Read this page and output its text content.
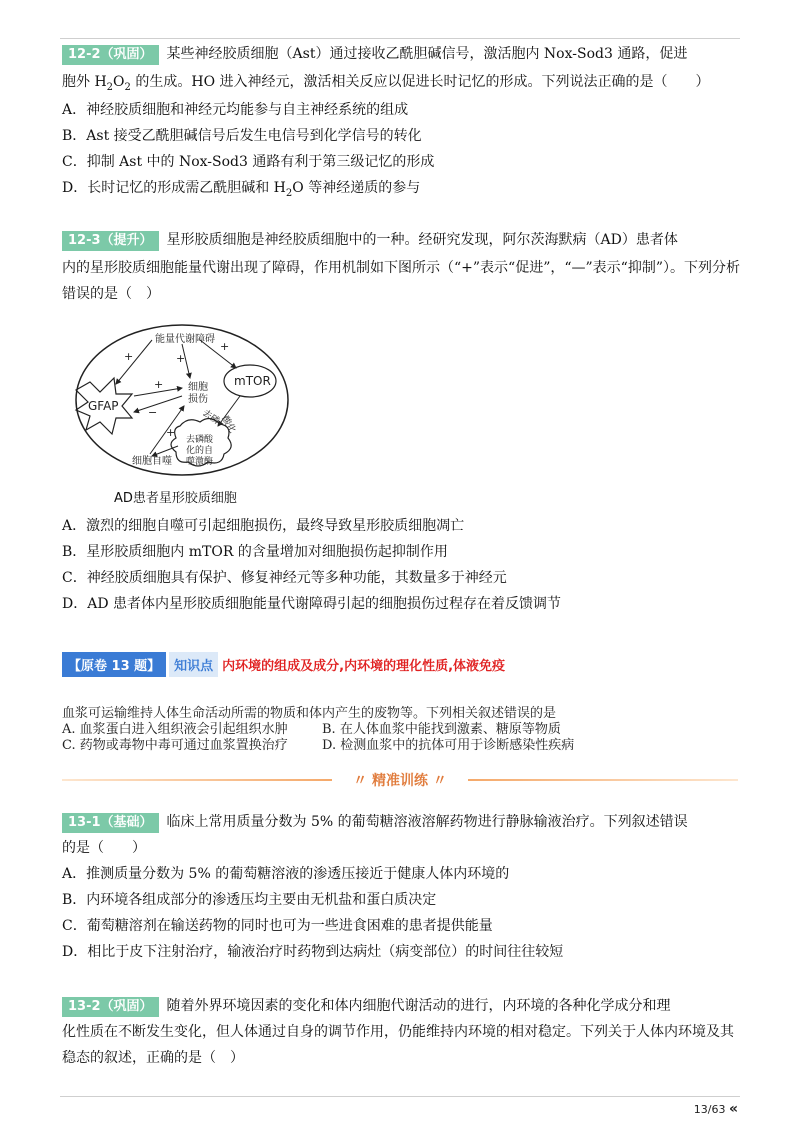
12-2（巩固） 某些神经胶质细胞（Ast）通过接收乙酰胆碱信号，激活胞内 Nox-Sod3 通路，促进
胞外 $H_2O_2$ 的生成。HO 进入神经元，激活相关反应以促进长时记忆的形成。下列说法正确的是（　　）
A．神经胶质细胞和神经元均能参与自主神经系统的组成
B．Ast 接受乙酰胆碱信号后发生电信号到化学信号的转化
C．抑制 Ast 中的 Nox-Sod3 通路有利于第三级记忆的形成
D．长时记忆的形成需乙酰胆碱和 $H_2O$ 等神经递质的参与
12-3（提升） 星形胶质细胞是神经胶质细胞中的一种。经研究发现，阿尔茨海默病（AD）患者体
内的星形胶质细胞能量代谢出现了障碍，作用机制如下图所示（“+”表示“促进”，“—”表示“抑制”）。下列分析
错误的是（　）
能量代谢障碍
mTOR
GFAP
细胞
损伤
细胞自噬
去磷酸
化的自
噬激酶
去磷
酸化
+	+
+
+
−
+
AD患者星形胶质细胞
A．激烈的细胞自噬可引起细胞损伤，最终导致星形胶质细胞凋亡
B．星形胶质细胞内 mTOR 的含量增加对细胞损伤起抑制作用
C．神经胶质细胞具有保护、修复神经元等多种功能，其数量多于神经元
D．AD 患者体内星形胶质细胞能量代谢障碍引起的细胞损伤过程存在着反馈调节
【原卷 13 题】	知识点 内环境的组成及成分,内环境的理化性质,体液免疫
血浆可运输维持人体生命活动所需的物质和体内产生的废物等。下列相关叙述错误的是
A. 血浆蛋白进入组织液会引起组织水肿	B. 在人体血浆中能找到激素、糖原等物质
C. 药物或毒物中毒可通过血浆置换治疗	D. 检测血浆中的抗体可用于诊断感染性疾病
〃 精准训练 〃
13-1（基础） 临床上常用质量分数为 5% 的葡萄糖溶液溶解药物进行静脉输液治疗。下列叙述错误
的是（　　）
A．推测质量分数为 5% 的葡萄糖溶液的渗透压接近于健康人体内环境的
B．内环境各组成部分的渗透压均主要由无机盐和蛋白质决定
C．葡萄糖溶剂在输送药物的同时也可为一些进食困难的患者提供能量
D．相比于皮下注射治疗，输液治疗时药物到达病灶（病变部位）的时间往往较短
13-2（巩固） 随着外界环境因素的变化和体内细胞代谢活动的进行，内环境的各种化学成分和理
化性质在不断发生变化，但人体通过自身的调节作用，仍能维持内环境的相对稳定。下列关于人体内环境及其
稳态的叙述，正确的是（　）
13/63 «
